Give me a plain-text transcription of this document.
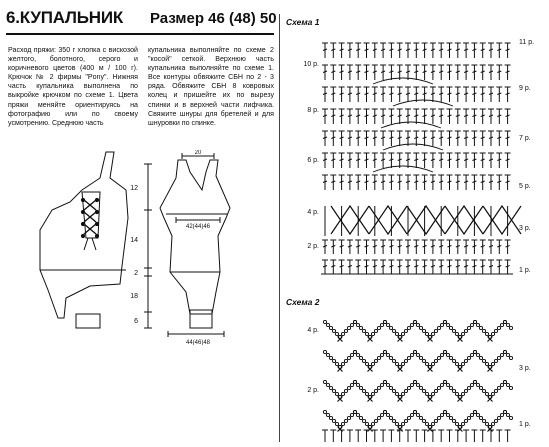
6.КУПАЛЬНИК Размер 46 (48) 50
Расход пряжи: 350 г хлопка с вискозой желтого, болотного, серого и коричневого цветов (400 м / 100 г). Крючок № 2 фирмы "Pony". Нижняя часть купальника выполнена по выкройке крючком по схеме 1. Цвета пряжи меняйте ориентируясь на фотографию или по своему усмотрению. Среднюю часть
купальника выполняйте по схеме 2 "косой" сеткой. Верхнюю часть купальника выполняйте по схеме 1. Все контуры обвяжите СБН по 2 - 3 ряда. Обвяжите СБН 8 ковровых колец и пришейте их по вырезу спинки и в верхней части лифчика. Свяжите шнуры для бретелей и для шнуровки по спинке.
12
14
2
18
6
20
42(44)46
44(46)48
Схема 1
10 р.
8 р.
6 р.
4 р.
2 р.
11 р.
9 р.
7 р.
5 р.
3 р.
1 р.
Схема 2
4 р.
2 р.
3 р.
1 р.
